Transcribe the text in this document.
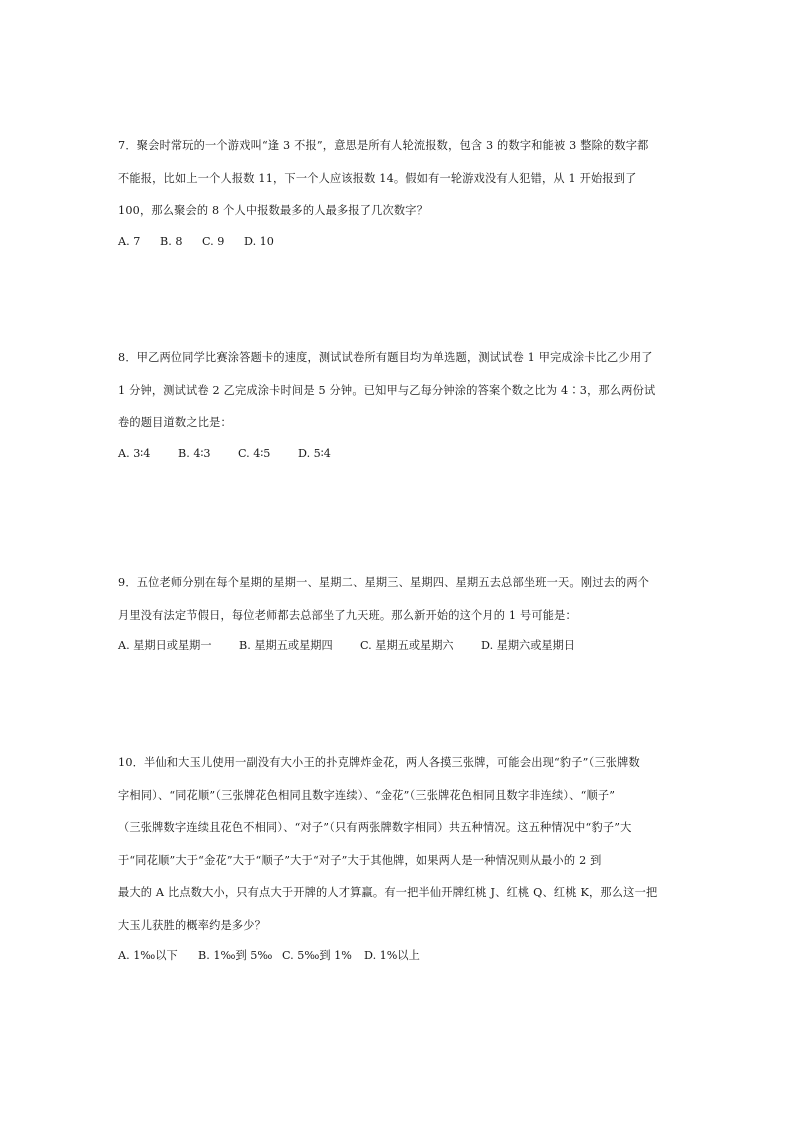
7．聚会时常玩的一个游戏叫“逢 3 不报”，意思是所有人轮流报数，包含 3 的数字和能被 3 整除的数字都
不能报，比如上一个人报数 11，下一个人应该报数 14。假如有一轮游戏没有人犯错，从 1 开始报到了
100，那么聚会的 8 个人中报数最多的人最多报了几次数字？
A. 7 B. 8 C. 9 D. 10
8．甲乙两位同学比赛涂答题卡的速度，测试试卷所有题目均为单选题，测试试卷 1 甲完成涂卡比乙少用了
1 分钟，测试试卷 2 乙完成涂卡时间是 5 分钟。已知甲与乙每分钟涂的答案个数之比为 4∶3，那么两份试
卷的题目道数之比是：
A. 3∶4 B. 4∶3 C. 4∶5 D. 5∶4
9．五位老师分别在每个星期的星期一、星期二、星期三、星期四、星期五去总部坐班一天。刚过去的两个
月里没有法定节假日，每位老师都去总部坐了九天班。那么新开始的这个月的 1 号可能是：
A. 星期日或星期一 B. 星期五或星期四 C. 星期五或星期六 D. 星期六或星期日
10．半仙和大玉儿使用一副没有大小王的扑克牌炸金花，两人各摸三张牌，可能会出现“豹子”（三张牌数
字相同）、“同花顺”（三张牌花色相同且数字连续）、“金花”（三张牌花色相同且数字非连续）、“顺子”
（三张牌数字连续且花色不相同）、“对子”（只有两张牌数字相同）共五种情况。这五种情况中“豹子”大
于“同花顺”大于“金花”大于“顺子”大于“对子”大于其他牌，如果两人是一种情况则从最小的 2 到
最大的 A 比点数大小，只有点大于开牌的人才算赢。有一把半仙开牌红桃 J、红桃 Q、红桃 K，那么这一把
大玉儿获胜的概率约是多少？
A. 1‰以下 B. 1‰到 5‰ C. 5‰到 1% D. 1%以上
